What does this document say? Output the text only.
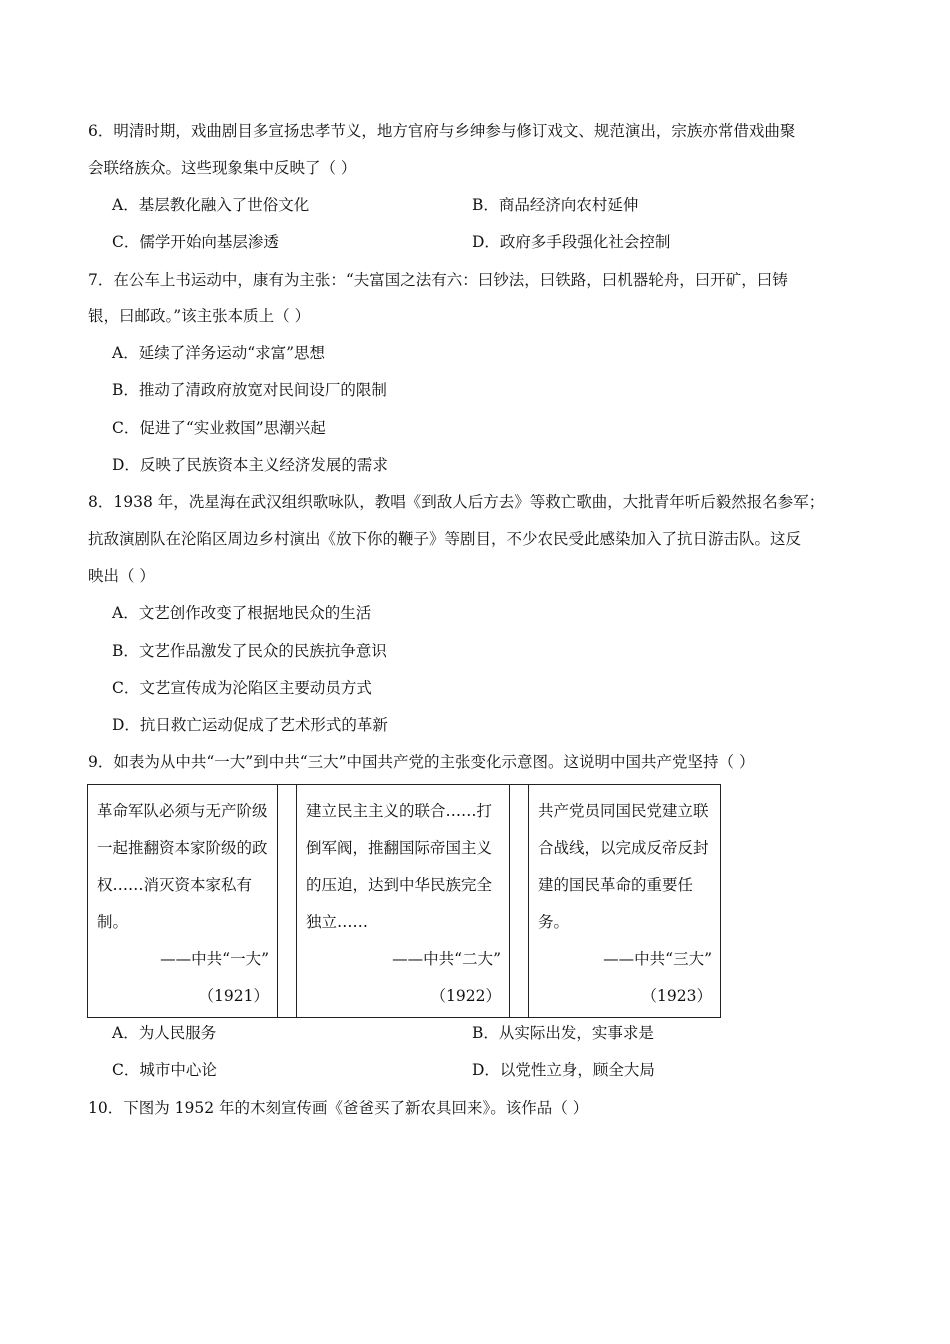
6．明清时期，戏曲剧目多宣扬忠孝节义，地方官府与乡绅参与修订戏文、规范演出，宗族亦常借戏曲聚
会联络族众。这些现象集中反映了（ ）
A．基层教化融入了世俗文化	B．商品经济向农村延伸
C．儒学开始向基层渗透	D．政府多手段强化社会控制
7．在公车上书运动中，康有为主张：“夫富国之法有六：曰钞法，曰铁路，曰机器轮舟，曰开矿，曰铸
银，曰邮政。”该主张本质上（ ）
A．延续了洋务运动“求富”思想
B．推动了清政府放宽对民间设厂的限制
C．促进了“实业救国”思潮兴起
D．反映了民族资本主义经济发展的需求
8．1938 年，冼星海在武汉组织歌咏队，教唱《到敌人后方去》等救亡歌曲，大批青年听后毅然报名参军；
抗敌演剧队在沦陷区周边乡村演出《放下你的鞭子》等剧目，不少农民受此感染加入了抗日游击队。这反
映出（ ）
A．文艺创作改变了根据地民众的生活
B．文艺作品激发了民众的民族抗争意识
C．文艺宣传成为沦陷区主要动员方式
D．抗日救亡运动促成了艺术形式的革新
9．如表为从中共“一大”到中共“三大”中国共产党的主张变化示意图。这说明中国共产党坚持（ ）
革命军队必须与无产阶级一起推翻资本家阶级的政权……消灭资本家私有制。
——中共“一大”
（1921）

建立民主主义的联合……打倒军阀，推翻国际帝国主义的压迫，达到中华民族完全独立……
——中共“二大”
（1922）

共产党员同国民党建立联合战线，以完成反帝反封建的国民革命的重要任务。
——中共“三大”
（1923）
A．为人民服务	B．从实际出发，实事求是
C．城市中心论	D．以党性立身，顾全大局
10．下图为 1952 年的木刻宣传画《爸爸买了新农具回来》。该作品（ ）
